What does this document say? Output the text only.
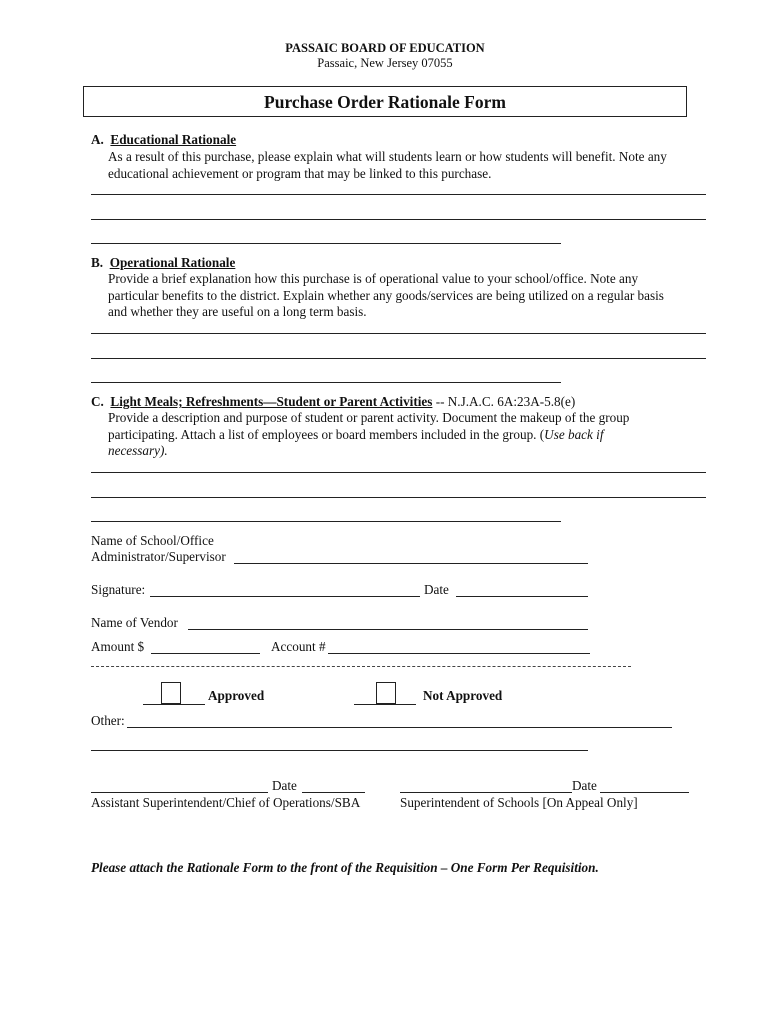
PASSAIC BOARD OF EDUCATION
Passaic, New Jersey 07055
Purchase Order Rationale Form
A. Educational Rationale
As a result of this purchase, please explain what will students learn or how students will benefit. Note any
educational achievement or program that may be linked to this purchase.
B. Operational Rationale
Provide a brief explanation how this purchase is of operational value to your school/office. Note any
particular benefits to the district. Explain whether any goods/services are being utilized on a regular basis
and whether they are useful on a long term basis.
C. Light Meals; Refreshments—Student or Parent Activities -- N.J.A.C. 6A:23A-5.8(e)
Provide a description and purpose of student or parent activity. Document the makeup of the group
participating. Attach a list of employees or board members included in the group. (Use back if
necessary).
Name of School/Office
Administrator/Supervisor
Signature:	Date
Name of Vendor
Amount $	Account #
Approved	Not Approved
Other:
Date
Assistant Superintendent/Chief of Operations/SBA
Date
Superintendent of Schools [On Appeal Only]
Please attach the Rationale Form to the front of the Requisition – One Form Per Requisition.
